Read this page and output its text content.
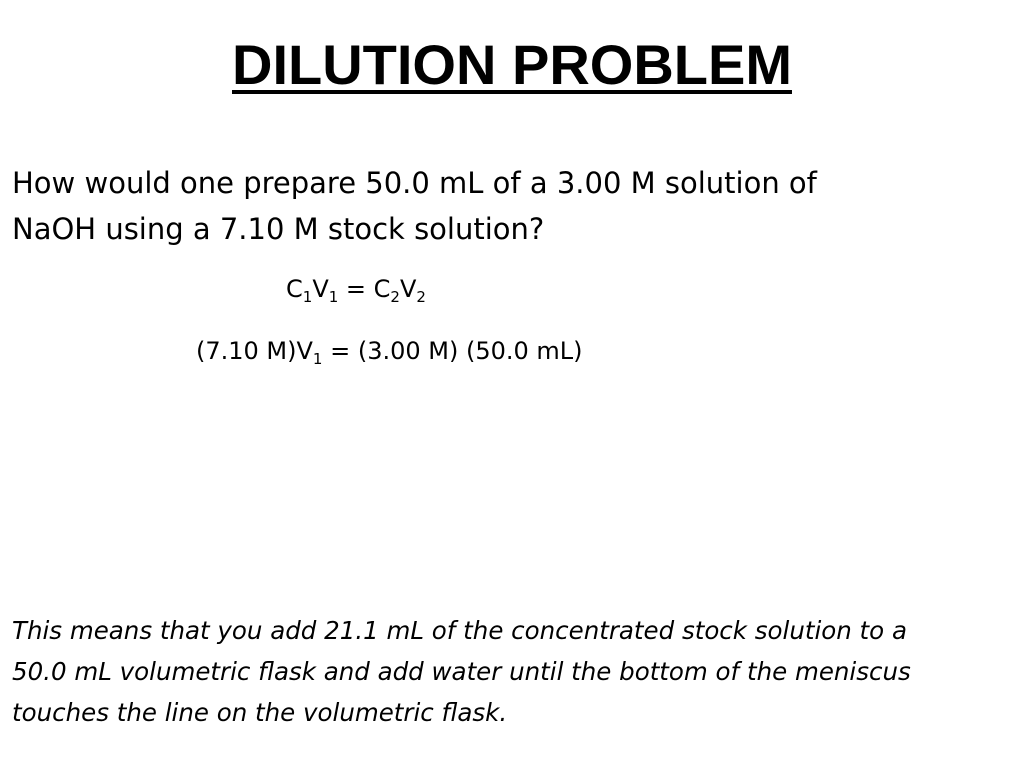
DILUTION PROBLEM

How would one prepare 50.0 mL of a 3.00 M solution of
NaOH using a 7.10 M stock solution?

$C_1V_1 = C_2V_2$
(7.10 $M)V_1 = (3.00$ M) (50.0 mL)

This means that you add 21.1 mL of the concentrated stock solution to a
50.0 mL volumetric flask and add water until the bottom of the meniscus
touches the line on the volumetric flask.
